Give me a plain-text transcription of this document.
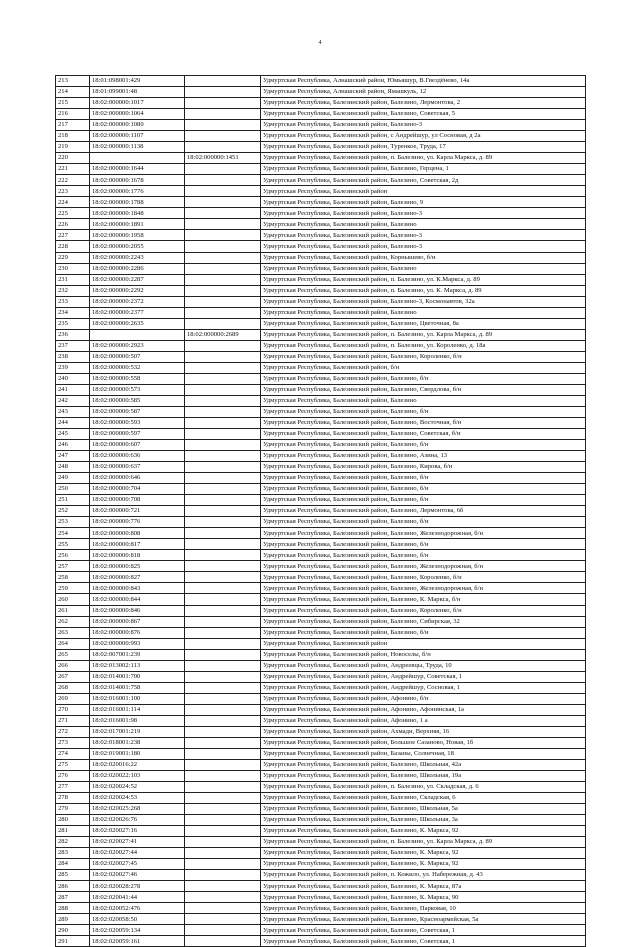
4
213	18:01:098001:429		Удмуртская Республика, Алнашский район, Юмьяшур, В.Гвездёнево, 14а
214	18:01:099001:48		Удмуртская Республика, Алнашский район, Ямашкуль, 12
215	18:02:000000:1017		Удмуртская Республика, Балезинский район, Балезино, Лермонтова, 2
216	18:02:000000:1064		Удмуртская Республика, Балезинский район, Балезино, Советская, 5
217	18:02:000000:1080		Удмуртская Республика, Балезинский район, Балезино-3
218	18:02:000000:1107		Удмуртская Республика, Балезинский район, с Андрейшур, ул Сосновая, д 2а
219	18:02:000000:1138		Удмуртская Республика, Балезинский район, Туренкое, Труда, 17
220		18:02:000000:1451	Удмуртская Республика, Балезинский район, п. Балезино, ул. Карла Маркса, д. 89
221	18:02:000000:1644		Удмуртская Республика, Балезинский район, Балезино, Герцена, 1
222	18:02:000000:1678		Удмуртская Республика, Балезинский район, Балезино, Советская, 2д
223	18:02:000000:1776		Удмуртская Республика, Балезинский район
224	18:02:000000:1788		Удмуртская Республика, Балезинский район, Балезино, 9
225	18:02:000000:1848		Удмуртская Республика, Балезинский район, Балезино-3
226	18:02:000000:1891		Удмуртская Республика, Балезинский район, Балезино
227	18:02:000000:1958		Удмуртская Республика, Балезинский район, Балезино-3
228	18:02:000000:2055		Удмуртская Республика, Балезинский район, Балезино-3
229	18:02:000000:2243		Удмуртская Республика, Балезинский район, Корнышево, б/н
230	18:02:000000:2286		Удмуртская Республика, Балезинский район, Балезино
231	18:02:000000:2287		Удмуртская Республика, Балезинский район, п. Балезино, ул. К.Маркса, д. 89
232	18:02:000000:2292		Удмуртская Республика, Балезинский район, п. Балезино, ул. К. Маркса, д. 89
233	18:02:000000:2372		Удмуртская Республика, Балезинский район, Балезино-3, Космонавтов, 32а
234	18:02:000000:2377		Удмуртская Республика, Балезинский район, Балезино
235	18:02:000000:2635		Удмуртская Республика, Балезинский район, Балезино, Цветочная, 8а
236		18:02:000000:2689	Удмуртская Республика, Балезинский район, п. Балезино, ул. Карла Маркса, д. 89
237	18:02:000000:2923		Удмуртская Республика, Балезинский район, п. Балезино, ул. Короленко, д. 18а
238	18:02:000000:507		Удмуртская Республика, Балезинский район, Балезино, Короленко, б/н
239	18:02:000000:532		Удмуртская Республика, Балезинский район, б/н
240	18:02:000000:558		Удмуртская Республика, Балезинский район, Балезино, б/н
241	18:02:000000:573		Удмуртская Республика, Балезинский район, Балезино, Свердлова, б/н
242	18:02:000000:585		Удмуртская Республика, Балезинский район, Балезино
243	18:02:000000:587		Удмуртская Республика, Балезинский район, Балезино, б/н
244	18:02:000000:593		Удмуртская Республика, Балезинский район, Балезино, Восточная, б/н
245	18:02:000000:597		Удмуртская Республика, Балезинский район, Балезино, Советская, б/н
246	18:02:000000:607		Удмуртская Республика, Балезинский район, Балезино, б/н
247	18:02:000000:636		Удмуртская Республика, Балезинский район, Балезино, Азина, 13
248	18:02:000000:637		Удмуртская Республика, Балезинский район, Балезино, Кирова, б/н
249	18:02:000000:646		Удмуртская Республика, Балезинский район, Балезино, б/н
250	18:02:000000:704		Удмуртская Республика, Балезинский район, Балезино, б/н
251	18:02:000000:708		Удмуртская Республика, Балезинский район, Балезино, б/н
252	18:02:000000:721		Удмуртская Республика, Балезинский район, Балезино, Лермонтова, 6б
253	18:02:000000:776		Удмуртская Республика, Балезинский район, Балезино, б/н
254	18:02:000000:808		Удмуртская Республика, Балезинский район, Балезино, Железнодорожная, б/н
255	18:02:000000:817		Удмуртская Республика, Балезинский район, Балезино, б/н
256	18:02:000000:818		Удмуртская Республика, Балезинский район, Балезино, б/н
257	18:02:000000:825		Удмуртская Республика, Балезинский район, Балезино, Железнодорожная, б/н
258	18:02:000000:827		Удмуртская Республика, Балезинский район, Балезино, Короленко, б/н
259	18:02:000000:843		Удмуртская Республика, Балезинский район, Балезино, Железнодорожная, б/н
260	18:02:000000:844		Удмуртская Республика, Балезинский район, Балезино, К. Маркса, б/н
261	18:02:000000:846		Удмуртская Республика, Балезинский район, Балезино, Короленко, б/н
262	18:02:000000:867		Удмуртская Республика, Балезинский район, Балезино, Сибирская, 32
263	18:02:000000:876		Удмуртская Республика, Балезинский район, Балезино, б/н
264	18:02:000000:993		Удмуртская Республика, Балезинский район
265	18:02:007001:239		Удмуртская Республика, Балезинский район, Новоселы, б/н
266	18:02:013002:113		Удмуртская Республика, Балезинский район, Андреевцы, Труда, 10
267	18:02:014001:700		Удмуртская Республика, Балезинский район, Андрейшур, Советская, 1
268	18:02:014001:758		Удмуртская Республика, Балезинский район, Андрейшур, Сосновая, 1
269	18:02:016001:100		Удмуртская Республика, Балезинский район, Афонино, б/н
270	18:02:016001:114		Удмуртская Республика, Балезинский район, Афонино, Афонинская, 1а
271	18:02:016001:98		Удмуртская Республика, Балезинский район, Афонино, 1 а
272	18:02:017001:219		Удмуртская Республика, Балезинский район, Ахмади, Верхняя, 16
273	18:02:018001:238		Удмуртская Республика, Балезинский район, Большое Сазаново, Новая, 1б
274	18:02:019001:180		Удмуртская Республика, Балезинский район, Базаны, Солнечная, 18
275	18:02:020016:22		Удмуртская Республика, Балезинский район, Балезино, Школьная, 42а
276	18:02:020022:103		Удмуртская Республика, Балезинский район, Балезино, Школьная, 19а
277	18:02:020024:52		Удмуртская Республика, Балезинский район, п. Балезино, ул. Складская, д. 6
278	18:02:020024:53		Удмуртская Республика, Балезинский район, Балезино, Складская, 6
279	18:02:020025:268		Удмуртская Республика, Балезинский район, Балезино, Школьная, 5а
280	18:02:020026:76		Удмуртская Республика, Балезинский район, Балезино, Школьная, 3а
281	18:02:020027:16		Удмуртская Республика, Балезинский район, Балезино, К. Маркса, 92
282	18:02:020027:41		Удмуртская Республика, Балезинский район, п. Балезино, ул. Карла Маркса, д. 89
283	18:02:020027:44		Удмуртская Республика, Балезинский район, Балезино, К. Маркса, 92
284	18:02:020027:45		Удмуртская Республика, Балезинский район, Балезино, К. Маркса, 92
285	18:02:020027:46		Удмуртская Республика, Балезинский район, п. Кожило, ул. Набережная, д. 43
286	18:02:020028:278		Удмуртская Республика, Балезинский район, Балезино, К. Маркса, 87а
287	18:02:020041:44		Удмуртская Республика, Балезинский район, Балезино, К. Маркса, 90
288	18:02:020052:476		Удмуртская Республика, Балезинский район, Балезино, Парковая, 10
289	18:02:020058:50		Удмуртская Республика, Балезинский район, Балезино, Красноармейская, 5а
290	18:02:020059:134		Удмуртская Республика, Балезинский район, Балезино, Советская, 1
291	18:02:020059:161		Удмуртская Республика, Балезинский район, Балезино, Советская, 1
